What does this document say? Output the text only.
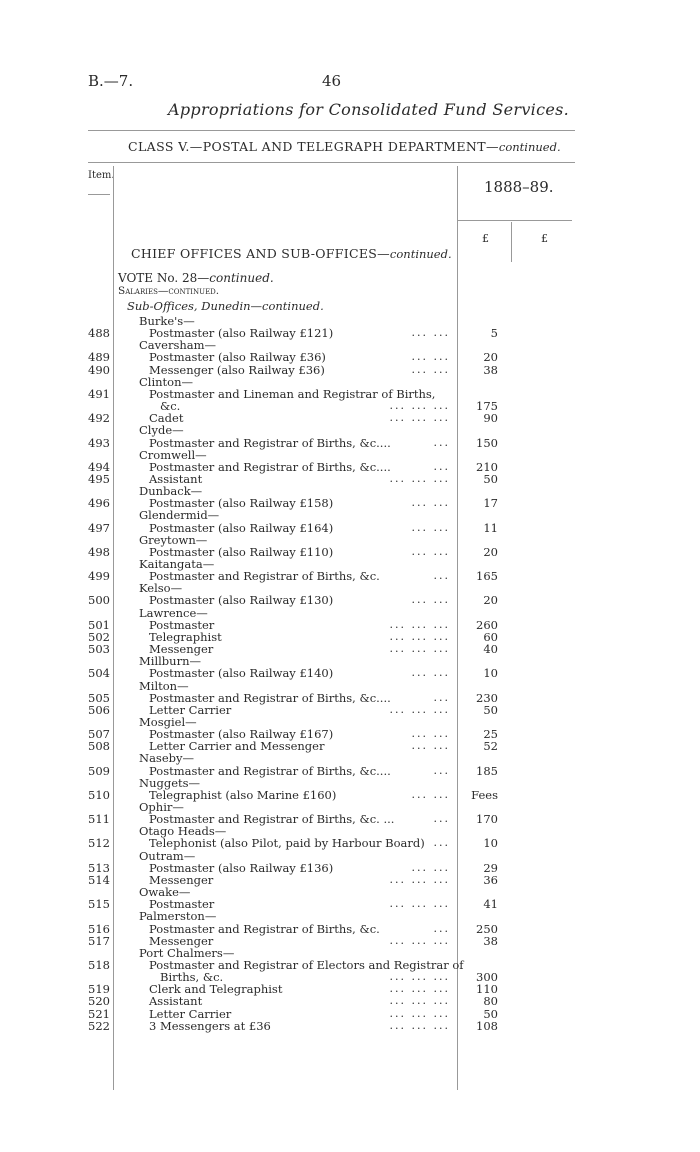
B.—7.	46
Appropriations for Consolidated Fund Services.
CLASS V.—POSTAL AND TELEGRAPH DEPARTMENT—continued.
Item.
1888–89.
£	£
CHIEF OFFICES AND SUB-OFFICES—continued.
VOTE No. 28—continued.
Salaries—continued.
Sub-Offices, Dunedin—continued.
Burke's—
488	Postmaster (also Railway £121)	... ...	5
Caversham—
489	Postmaster (also Railway £36)	... ...	20
490	Messenger (also Railway £36)	... ...	38
Clinton—
491	Postmaster and Lineman and Registrar of Births,
&c.	... ... ... 175
492	Cadet	... ... ...	90
Clyde—
493	Postmaster and Registrar of Births, &c....	... 150
Cromwell—
494	Postmaster and Registrar of Births, &c....	... 210
495	Assistant	... ... ...	50
Dunback—
496	Postmaster (also Railway £158)	... ...	17
Glendermid—
497	Postmaster (also Railway £164)	... ...	11
Greytown—
498	Postmaster (also Railway £110)	... ...	20
Kaitangata—
499	Postmaster and Registrar of Births, &c.	... 165
Kelso—
500	Postmaster (also Railway £130)	... ...	20
Lawrence—
501	Postmaster	... ... ... 260
502	Telegraphist	... ... ...	60
503	Messenger	... ... ...	40
Millburn—
504	Postmaster (also Railway £140)	... ...	10
Milton—
505	Postmaster and Registrar of Births, &c....	... 230
506	Letter Carrier	... ... ...	50
Mosgiel—
507	Postmaster (also Railway £167)	... ...	25
508	Letter Carrier and Messenger	... ...	52
Naseby—
509	Postmaster and Registrar of Births, &c....	... 185
Nuggets—
510	Telegraphist (also Marine £160)	... ... Fees
Ophir—
511	Postmaster and Registrar of Births, &c. ...	... 170
Otago Heads—
512	Telephonist (also Pilot, paid by Harbour Board) ...	10
Outram—
513	Postmaster (also Railway £136)	... ...	29
514	Messenger	... ... ...	36
Owake—
515	Postmaster	... ... ...	41
Palmerston—
516	Postmaster and Registrar of Births, &c.	... 250
517	Messenger	... ... ...	38
Port Chalmers—
518	Postmaster and Registrar of Electors and Registrar of
Births, &c.	... ... ... 300
519	Clerk and Telegraphist	... ... ... 110
520	Assistant	... ... ...	80
521	Letter Carrier	... ... ...	50
522	3 Messengers at £36	... ... ... 108
